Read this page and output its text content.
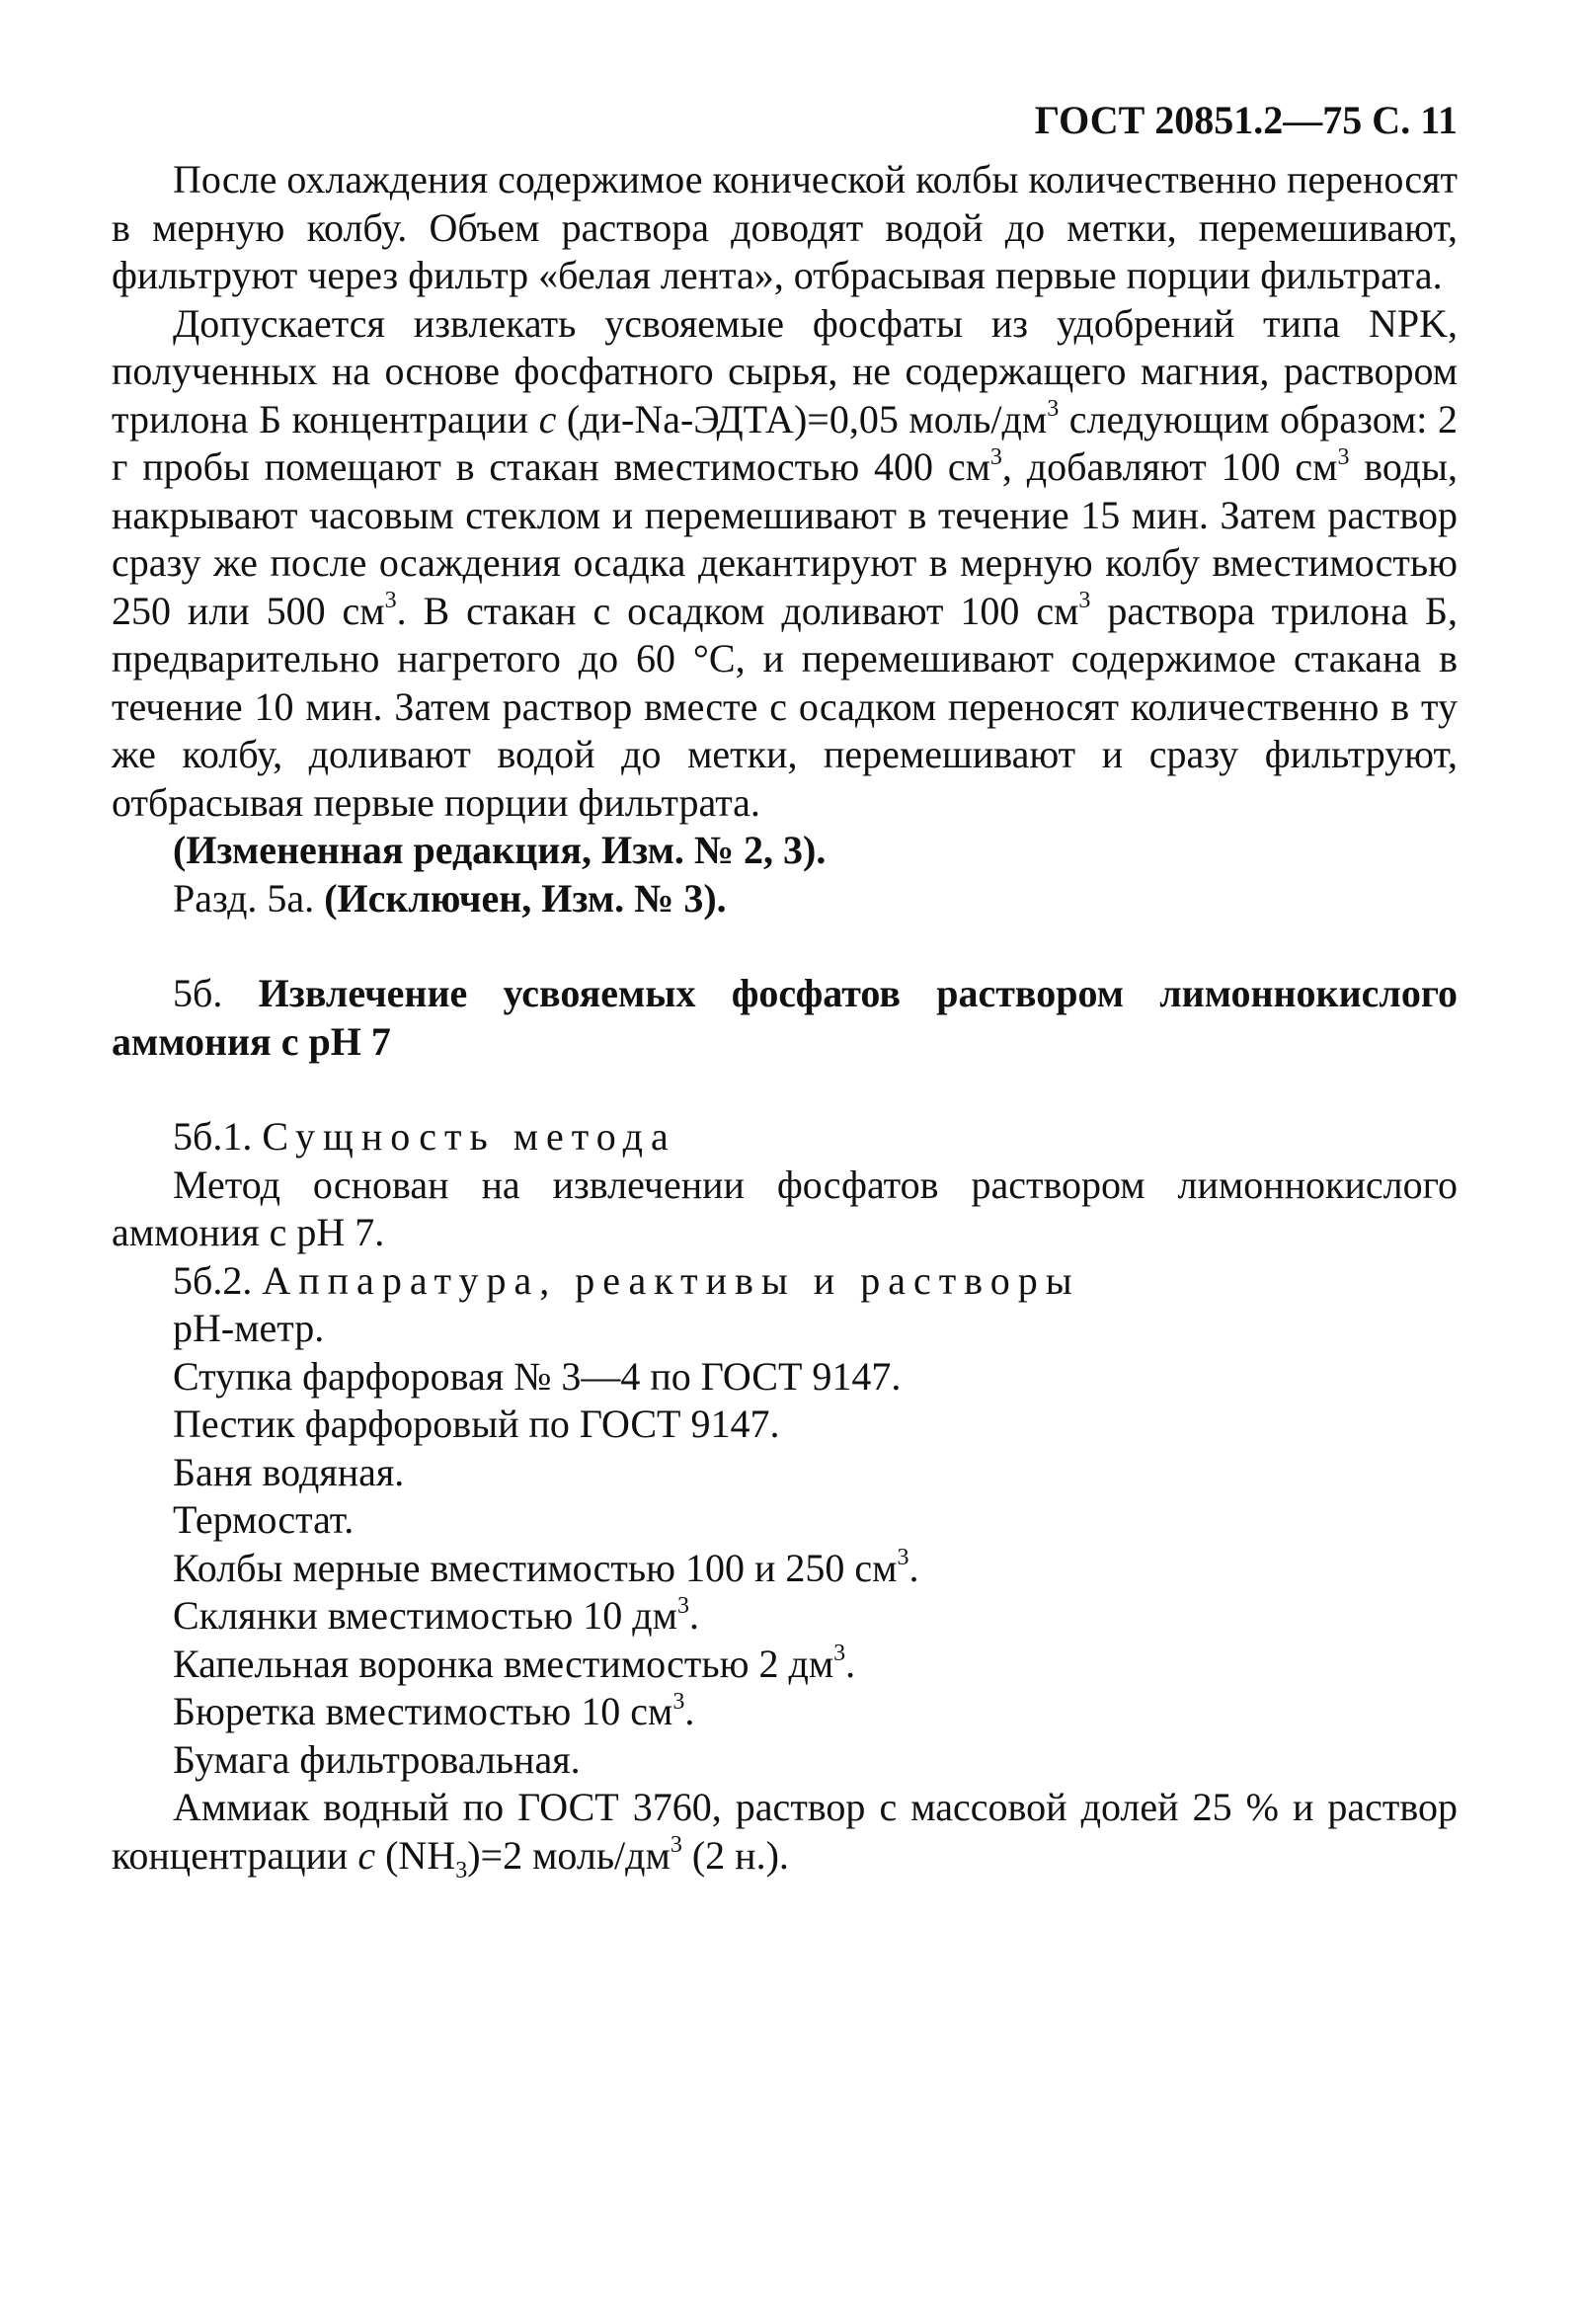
ГОСТ 20851.2—75 С. 11

После охлаждения содержимое конической колбы количественно переносят в мерную колбу. Объем раствора доводят водой до метки, перемешивают, фильтруют через фильтр «белая лента», отбрасывая первые порции фильтрата.

Допускается извлекать усвояемые фосфаты из удобрений типа NPK, полученных на основе фосфатного сырья, не содержащего магния, раствором трилона Б концентрации c (ди-Na-ЭДТА)=0,05 моль/$дм^3$ следующим образом: 2 г пробы помещают в стакан вместимостью 400 $см^3$, добавляют 100 $см^3$ воды, накрывают часовым стеклом и перемешивают в течение 15 мин. Затем раствор сразу же после осаждения осадка декантируют в мерную колбу вместимостью 250 или 500 $см^3$. В стакан с осадком доливают 100 $см^3$ раствора трилона Б, предварительно нагретого до 60 °С, и перемешивают содержимое стакана в течение 10 мин. Затем раствор вместе с осадком переносят количественно в ту же колбу, доливают водой до метки, перемешивают и сразу фильтруют, отбрасывая первые порции фильтрата.

(Измененная редакция, Изм. № 2, 3).

Разд. 5а. (Исключен, Изм. № 3).

5б. Извлечение усвояемых фосфатов раствором лимоннокислого аммония с pH 7

5б.1. Сущность метода

Метод основан на извлечении фосфатов раствором лимоннокислого аммония с pH 7.

5б.2. Аппаратура, реактивы и растворы

pH-метр.

Ступка фарфоровая № 3—4 по ГОСТ 9147.

Пестик фарфоровый по ГОСТ 9147.

Баня водяная.

Термостат.

Колбы мерные вместимостью 100 и 250 $см^3$.

Склянки вместимостью 10 $дм^3$.

Капельная воронка вместимостью 2 $дм^3$.

Бюретка вместимостью 10 $см^3$.

Бумага фильтровальная.

Аммиак водный по ГОСТ 3760, раствор с массовой долей 25 % и раствор концентрации c $(NH_3)=2$ моль/$дм^3$ (2 н.).
